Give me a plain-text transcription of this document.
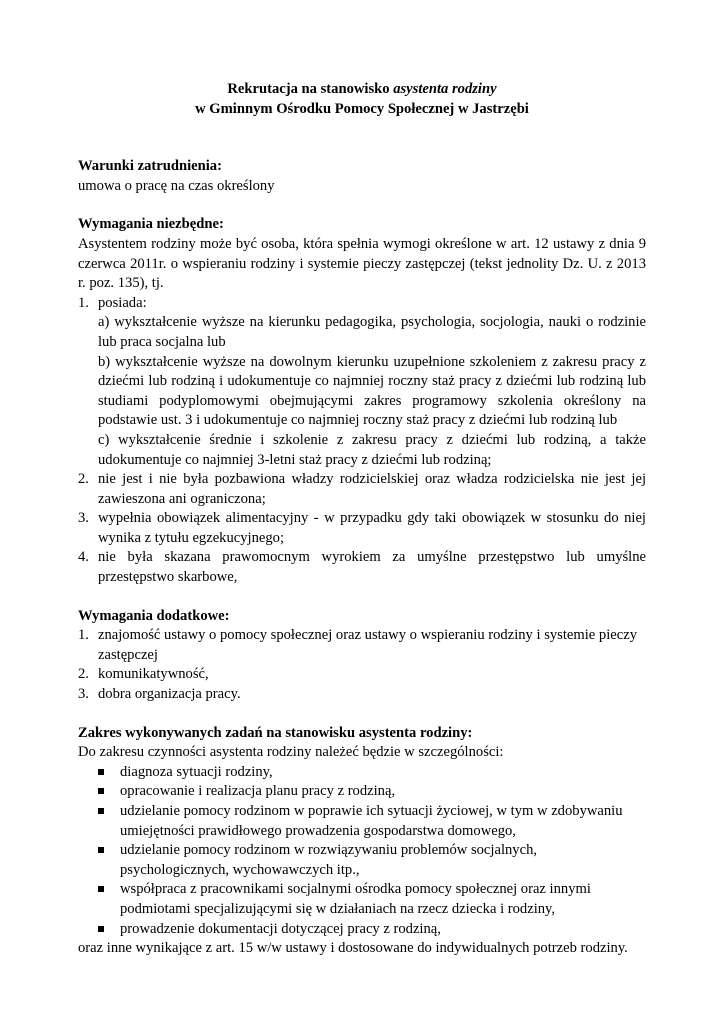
Rekrutacja na stanowisko asystenta rodziny

w Gminnym Ośrodku Pomocy Społecznej w Jastrzębi

Warunki zatrudnienia:
umowa o pracę na czas określony
Wymagania niezbędne:
Asystentem rodziny może być osoba, która spełnia wymogi określone w art. 12 ustawy z dnia 9 czerwca 2011r. o wspieraniu rodziny i systemie pieczy zastępczej (tekst jednolity Dz. U. z 2013 r. poz. 135), tj.
1. posiada:
a) wykształcenie wyższe na kierunku pedagogika, psychologia, socjologia, nauki o rodzinie lub praca socjalna lub
b) wykształcenie wyższe na dowolnym kierunku uzupełnione szkoleniem z zakresu pracy z dziećmi lub rodziną i udokumentuje co najmniej roczny staż pracy z dziećmi lub rodziną lub studiami podyplomowymi obejmującymi zakres programowy szkolenia określony na podstawie ust. 3 i udokumentuje co najmniej roczny staż pracy z dziećmi lub rodziną lub
c) wykształcenie średnie i szkolenie z zakresu pracy z dziećmi lub rodziną, a także udokumentuje co najmniej 3-letni staż pracy z dziećmi lub rodziną;
2. nie jest i nie była pozbawiona władzy rodzicielskiej oraz władza rodzicielska nie jest jej zawieszona ani ograniczona;
3. wypełnia obowiązek alimentacyjny - w przypadku gdy taki obowiązek w stosunku do niej wynika z tytułu egzekucyjnego;
4. nie była skazana prawomocnym wyrokiem za umyślne przestępstwo lub umyślne przestępstwo skarbowe,
Wymagania dodatkowe:
1. znajomość ustawy o pomocy społecznej oraz ustawy o wspieraniu rodziny i systemie pieczy zastępczej
2. komunikatywność,
3. dobra organizacja pracy.
Zakres wykonywanych zadań na stanowisku asystenta rodziny:
Do zakresu czynności asystenta rodziny należeć będzie w szczególności:
diagnoza sytuacji rodziny,
opracowanie i realizacja planu pracy z rodziną,
udzielanie pomocy rodzinom w poprawie ich sytuacji życiowej, w tym w zdobywaniu umiejętności prawidłowego prowadzenia gospodarstwa domowego,
udzielanie pomocy rodzinom w rozwiązywaniu problemów socjalnych, psychologicznych, wychowawczych itp.,
współpraca z pracownikami socjalnymi ośrodka pomocy społecznej oraz innymi podmiotami specjalizującymi się w działaniach na rzecz dziecka i rodziny,
prowadzenie dokumentacji dotyczącej pracy z rodziną,
oraz inne wynikające z art. 15 w/w ustawy i dostosowane do indywidualnych potrzeb rodziny.
